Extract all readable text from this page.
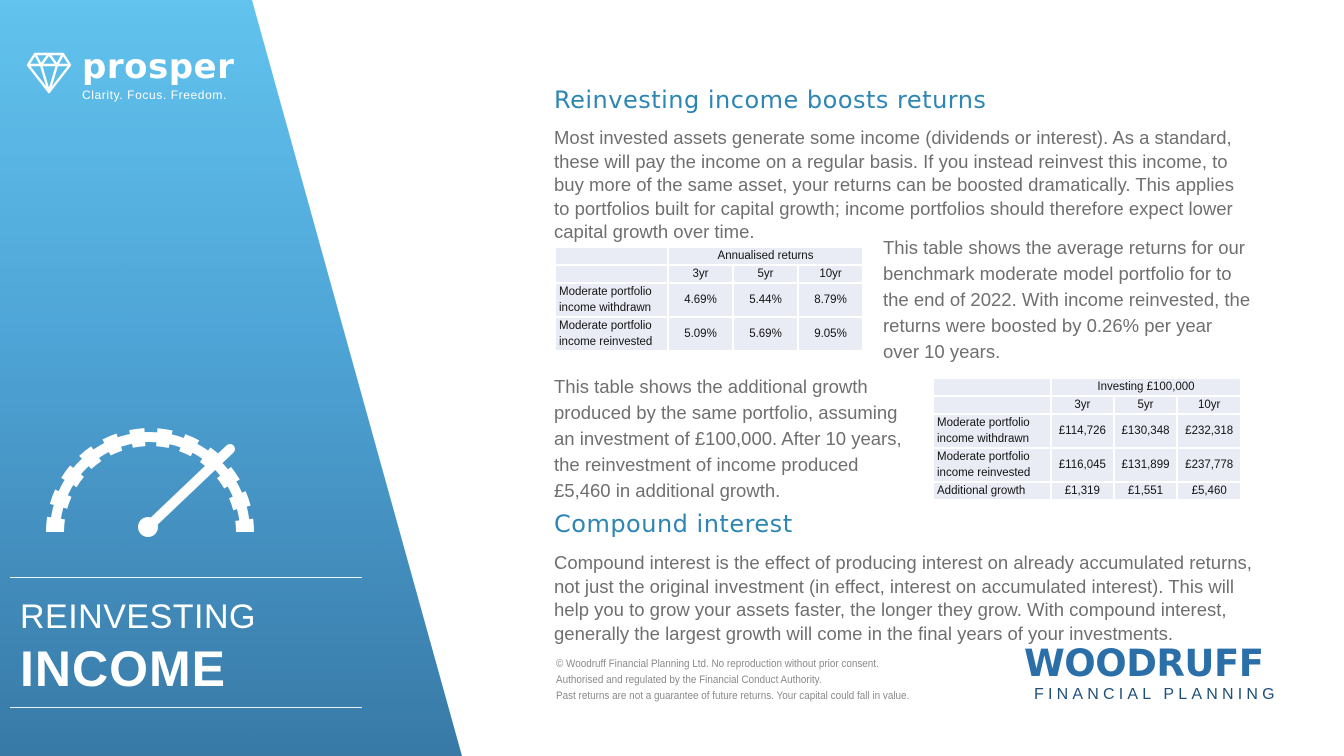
prosper
Clarity. Focus. Freedom.
REINVESTING
INCOME
Reinvesting income boosts returns

Most invested assets generate some income (dividends or interest). As a standard, these will pay the income on a regular basis. If you instead reinvest this income, to buy more of the same asset, your returns can be boosted dramatically. This applies to portfolios built for capital growth; income portfolios should therefore expect lower capital growth over time.

	Annualised returns		
	3yr	5yr	10yr
Moderate portfolio income withdrawn	4.69%	5.44%	8.79%
Moderate portfolio income reinvested	5.09%	5.69%	9.05%

This table shows the average returns for our benchmark moderate model portfolio for to the end of 2022. With income reinvested, the returns were boosted by 0.26% per year over 10 years.

This table shows the additional growth produced by the same portfolio, assuming an investment of £100,000. After 10 years, the reinvestment of income produced £5,460 in additional growth.

	Investing £100,000		
	3yr	5yr	10yr
Moderate portfolio income withdrawn	£114,726	£130,348	£232,318
Moderate portfolio income reinvested	£116,045	£131,899	£237,778
Additional growth	£1,319	£1,551	£5,460
Compound interest

Compound interest is the effect of producing interest on already accumulated returns, not just the original investment (in effect, interest on accumulated interest). This will help you to grow your assets faster, the longer they grow. With compound interest, generally the largest growth will come in the final years of your investments.

© Woodruff Financial Planning Ltd. No reproduction without prior consent.
Authorised and regulated by the Financial Conduct Authority.
Past returns are not a guarantee of future returns. Your capital could fall in value.
WOODRUFF
FINANCIAL PLANNING
